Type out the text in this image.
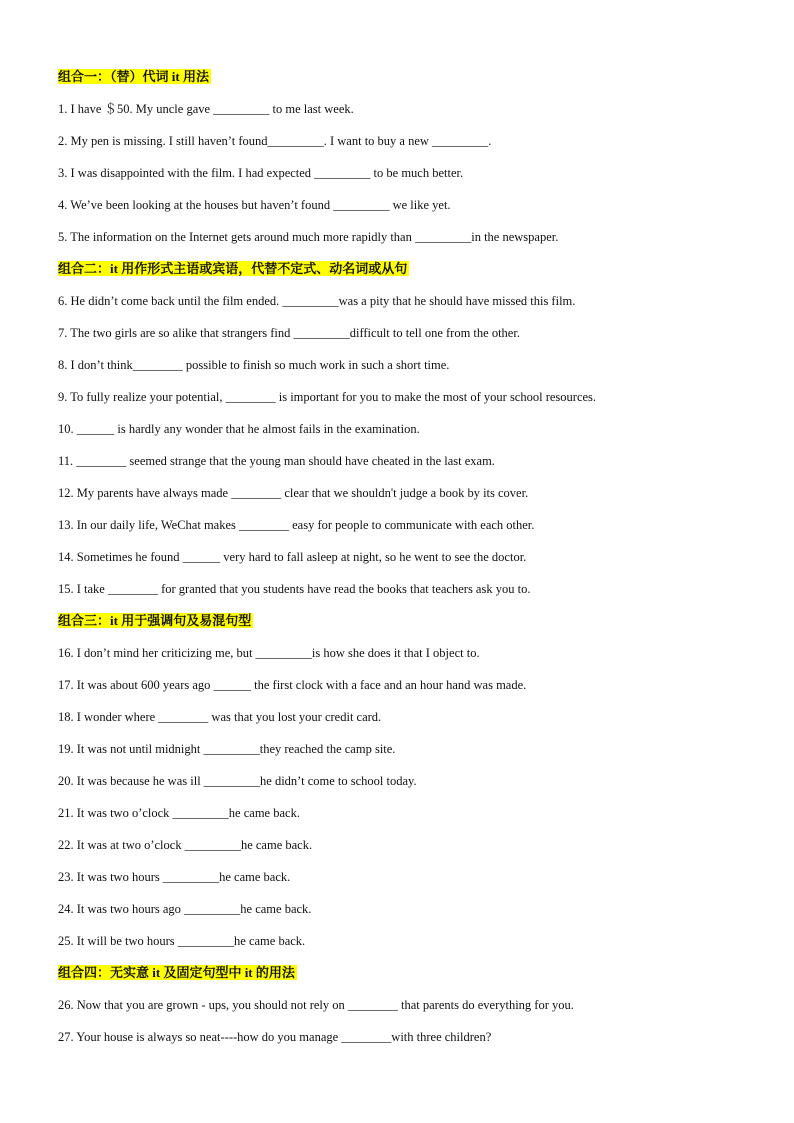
组合一：（替）代词 it 用法
1. I have ＄50. My uncle gave _________ to me last week.
2. My pen is missing. I still haven’t found_________. I want to buy a new _________.
3. I was disappointed with the film. I had expected _________ to be much better.
4. We’ve been looking at the houses but haven’t found _________ we like yet.
5. The information on the Internet gets around much more rapidly than _________in the newspaper.
组合二：it 用作形式主语或宾语，代替不定式、动名词或从句
6. He didn’t come back until the film ended. _________was a pity that he should have missed this film.
7. The two girls are so alike that strangers find _________difficult to tell one from the other.
8. I don’t think________ possible to finish so much work in such a short time.
9. To fully realize your potential, ________ is important for you to make the most of your school resources.
10. ______ is hardly any wonder that he almost fails in the examination.
11. ________ seemed strange that the young man should have cheated in the last exam.
12. My parents have always made ________ clear that we shouldn't judge a book by its cover.
13. In our daily life, WeChat makes ________ easy for people to communicate with each other.
14. Sometimes he found ______ very hard to fall asleep at night, so he went to see the doctor.
15. I take ________ for granted that you students have read the books that teachers ask you to.
组合三：it 用于强调句及易混句型
16. I don’t mind her criticizing me, but _________is how she does it that I object to.
17. It was about 600 years ago ______ the first clock with a face and an hour hand was made.
18. I wonder where ________ was that you lost your credit card.
19. It was not until midnight _________they reached the camp site.
20. It was because he was ill _________he didn’t come to school today.
21. It was two o’clock _________he came back.
22. It was at two o’clock _________he came back.
23. It was two hours _________he came back.
24. It was two hours ago _________he came back.
25. It will be two hours _________he came back.
组合四：无实意 it 及固定句型中 it 的用法
26. Now that you are grown - ups, you should not rely on ________ that parents do everything for you.
27. Your house is always so neat----how do you manage ________with three children?
